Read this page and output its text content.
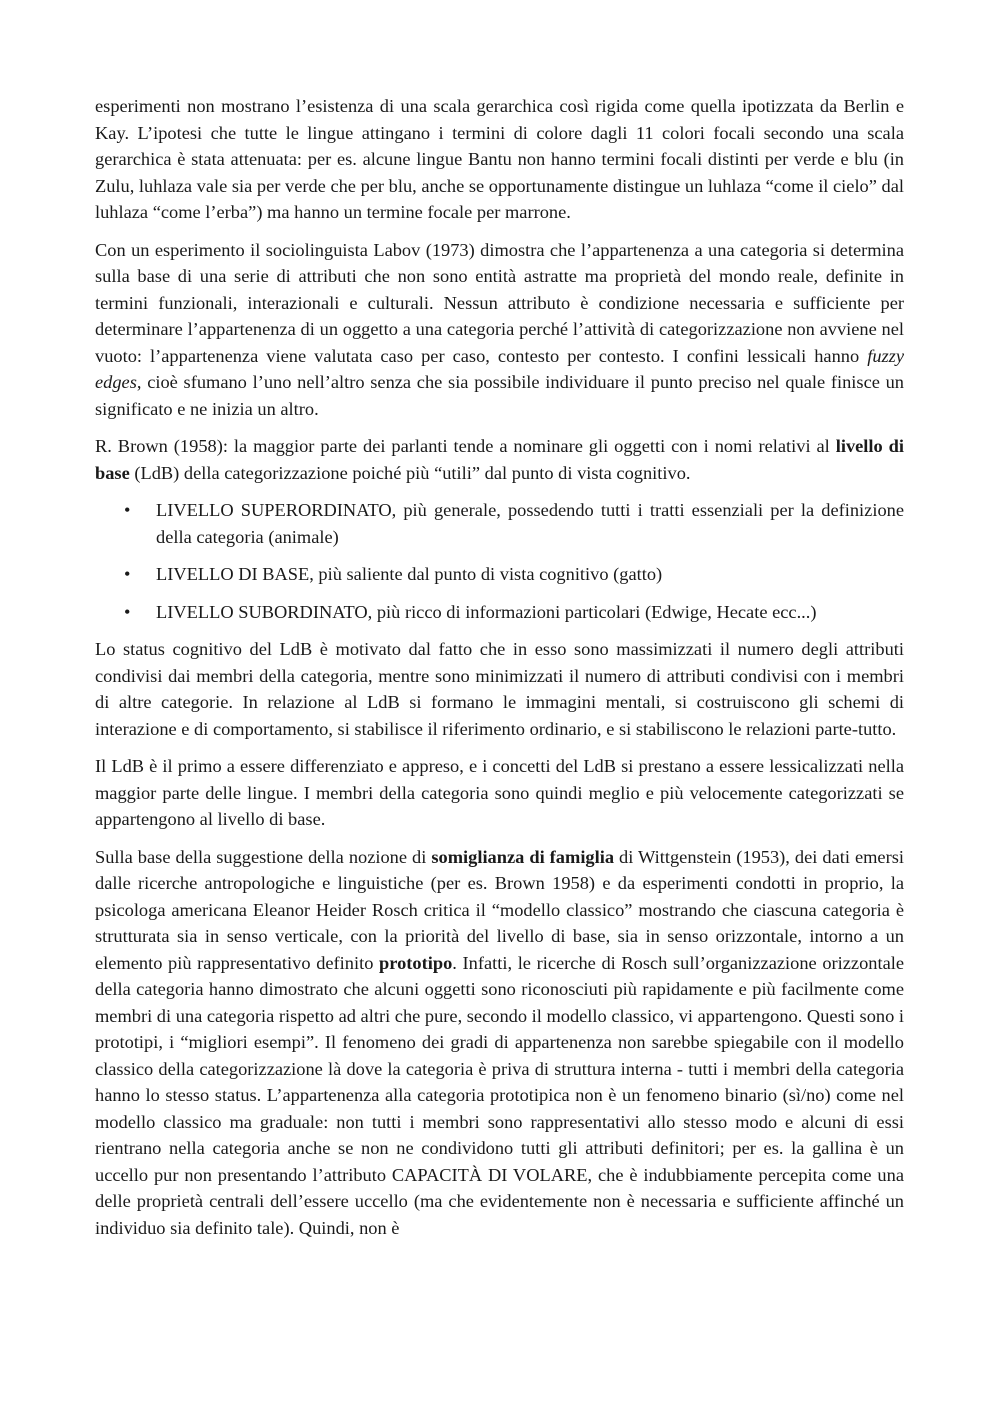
esperimenti non mostrano l’esistenza di una scala gerarchica così rigida come quella ipotizzata da Berlin e Kay. L’ipotesi che tutte le lingue attingano i termini di colore dagli 11 colori focali secondo una scala gerarchica è stata attenuata: per es. alcune lingue Bantu non hanno termini focali distinti per verde e blu (in Zulu, luhlaza vale sia per verde che per blu, anche se opportunamente distingue un luhlaza “come il cielo” dal luhlaza “come l’erba”) ma hanno un termine focale per marrone.

Con un esperimento il sociolinguista Labov (1973) dimostra che l’appartenenza a una categoria si determina sulla base di una serie di attributi che non sono entità astratte ma proprietà del mondo reale, definite in termini funzionali, interazionali e culturali. Nessun attributo è condizione necessaria e sufficiente per determinare l’appartenenza di un oggetto a una categoria perché l’attività di categorizzazione non avviene nel vuoto: l’appartenenza viene valutata caso per caso, contesto per contesto. I confini lessicali hanno fuzzy edges, cioè sfumano l’uno nell’altro senza che sia possibile individuare il punto preciso nel quale finisce un significato e ne inizia un altro.

R. Brown (1958): la maggior parte dei parlanti tende a nominare gli oggetti con i nomi relativi al livello di base (LdB) della categorizzazione poiché più “utili” dal punto di vista cognitivo.

• LIVELLO SUPERORDINATO, più generale, possedendo tutti i tratti essenziali per la definizione della categoria (animale)
• LIVELLO DI BASE, più saliente dal punto di vista cognitivo (gatto)
• LIVELLO SUBORDINATO, più ricco di informazioni particolari (Edwige, Hecate ecc...)

Lo status cognitivo del LdB è motivato dal fatto che in esso sono massimizzati il numero degli attributi condivisi dai membri della categoria, mentre sono minimizzati il numero di attributi condivisi con i membri di altre categorie. In relazione al LdB si formano le immagini mentali, si costruiscono gli schemi di interazione e di comportamento, si stabilisce il riferimento ordinario, e si stabiliscono le relazioni parte-tutto.

Il LdB è il primo a essere differenziato e appreso, e i concetti del LdB si prestano a essere lessicalizzati nella maggior parte delle lingue. I membri della categoria sono quindi meglio e più velocemente categorizzati se appartengono al livello di base.

Sulla base della suggestione della nozione di somiglianza di famiglia di Wittgenstein (1953), dei dati emersi dalle ricerche antropologiche e linguistiche (per es. Brown 1958) e da esperimenti condotti in proprio, la psicologa americana Eleanor Heider Rosch critica il “modello classico” mostrando che ciascuna categoria è strutturata sia in senso verticale, con la priorità del livello di base, sia in senso orizzontale, intorno a un elemento più rappresentativo definito prototipo. Infatti, le ricerche di Rosch sull’organizzazione orizzontale della categoria hanno dimostrato che alcuni oggetti sono riconosciuti più rapidamente e più facilmente come membri di una categoria rispetto ad altri che pure, secondo il modello classico, vi appartengono. Questi sono i prototipi, i “migliori esempi”. Il fenomeno dei gradi di appartenenza non sarebbe spiegabile con il modello classico della categorizzazione là dove la categoria è priva di struttura interna - tutti i membri della categoria hanno lo stesso status. L’appartenenza alla categoria prototipica non è un fenomeno binario (sì/no) come nel modello classico ma graduale: non tutti i membri sono rappresentativi allo stesso modo e alcuni di essi rientrano nella categoria anche se non ne condividono tutti gli attributi definitori; per es. la gallina è un uccello pur non presentando l’attributo CAPACITÀ DI VOLARE, che è indubbiamente percepita come una delle proprietà centrali dell’essere uccello (ma che evidentemente non è necessaria e sufficiente affinché un individuo sia definito tale). Quindi, non è
